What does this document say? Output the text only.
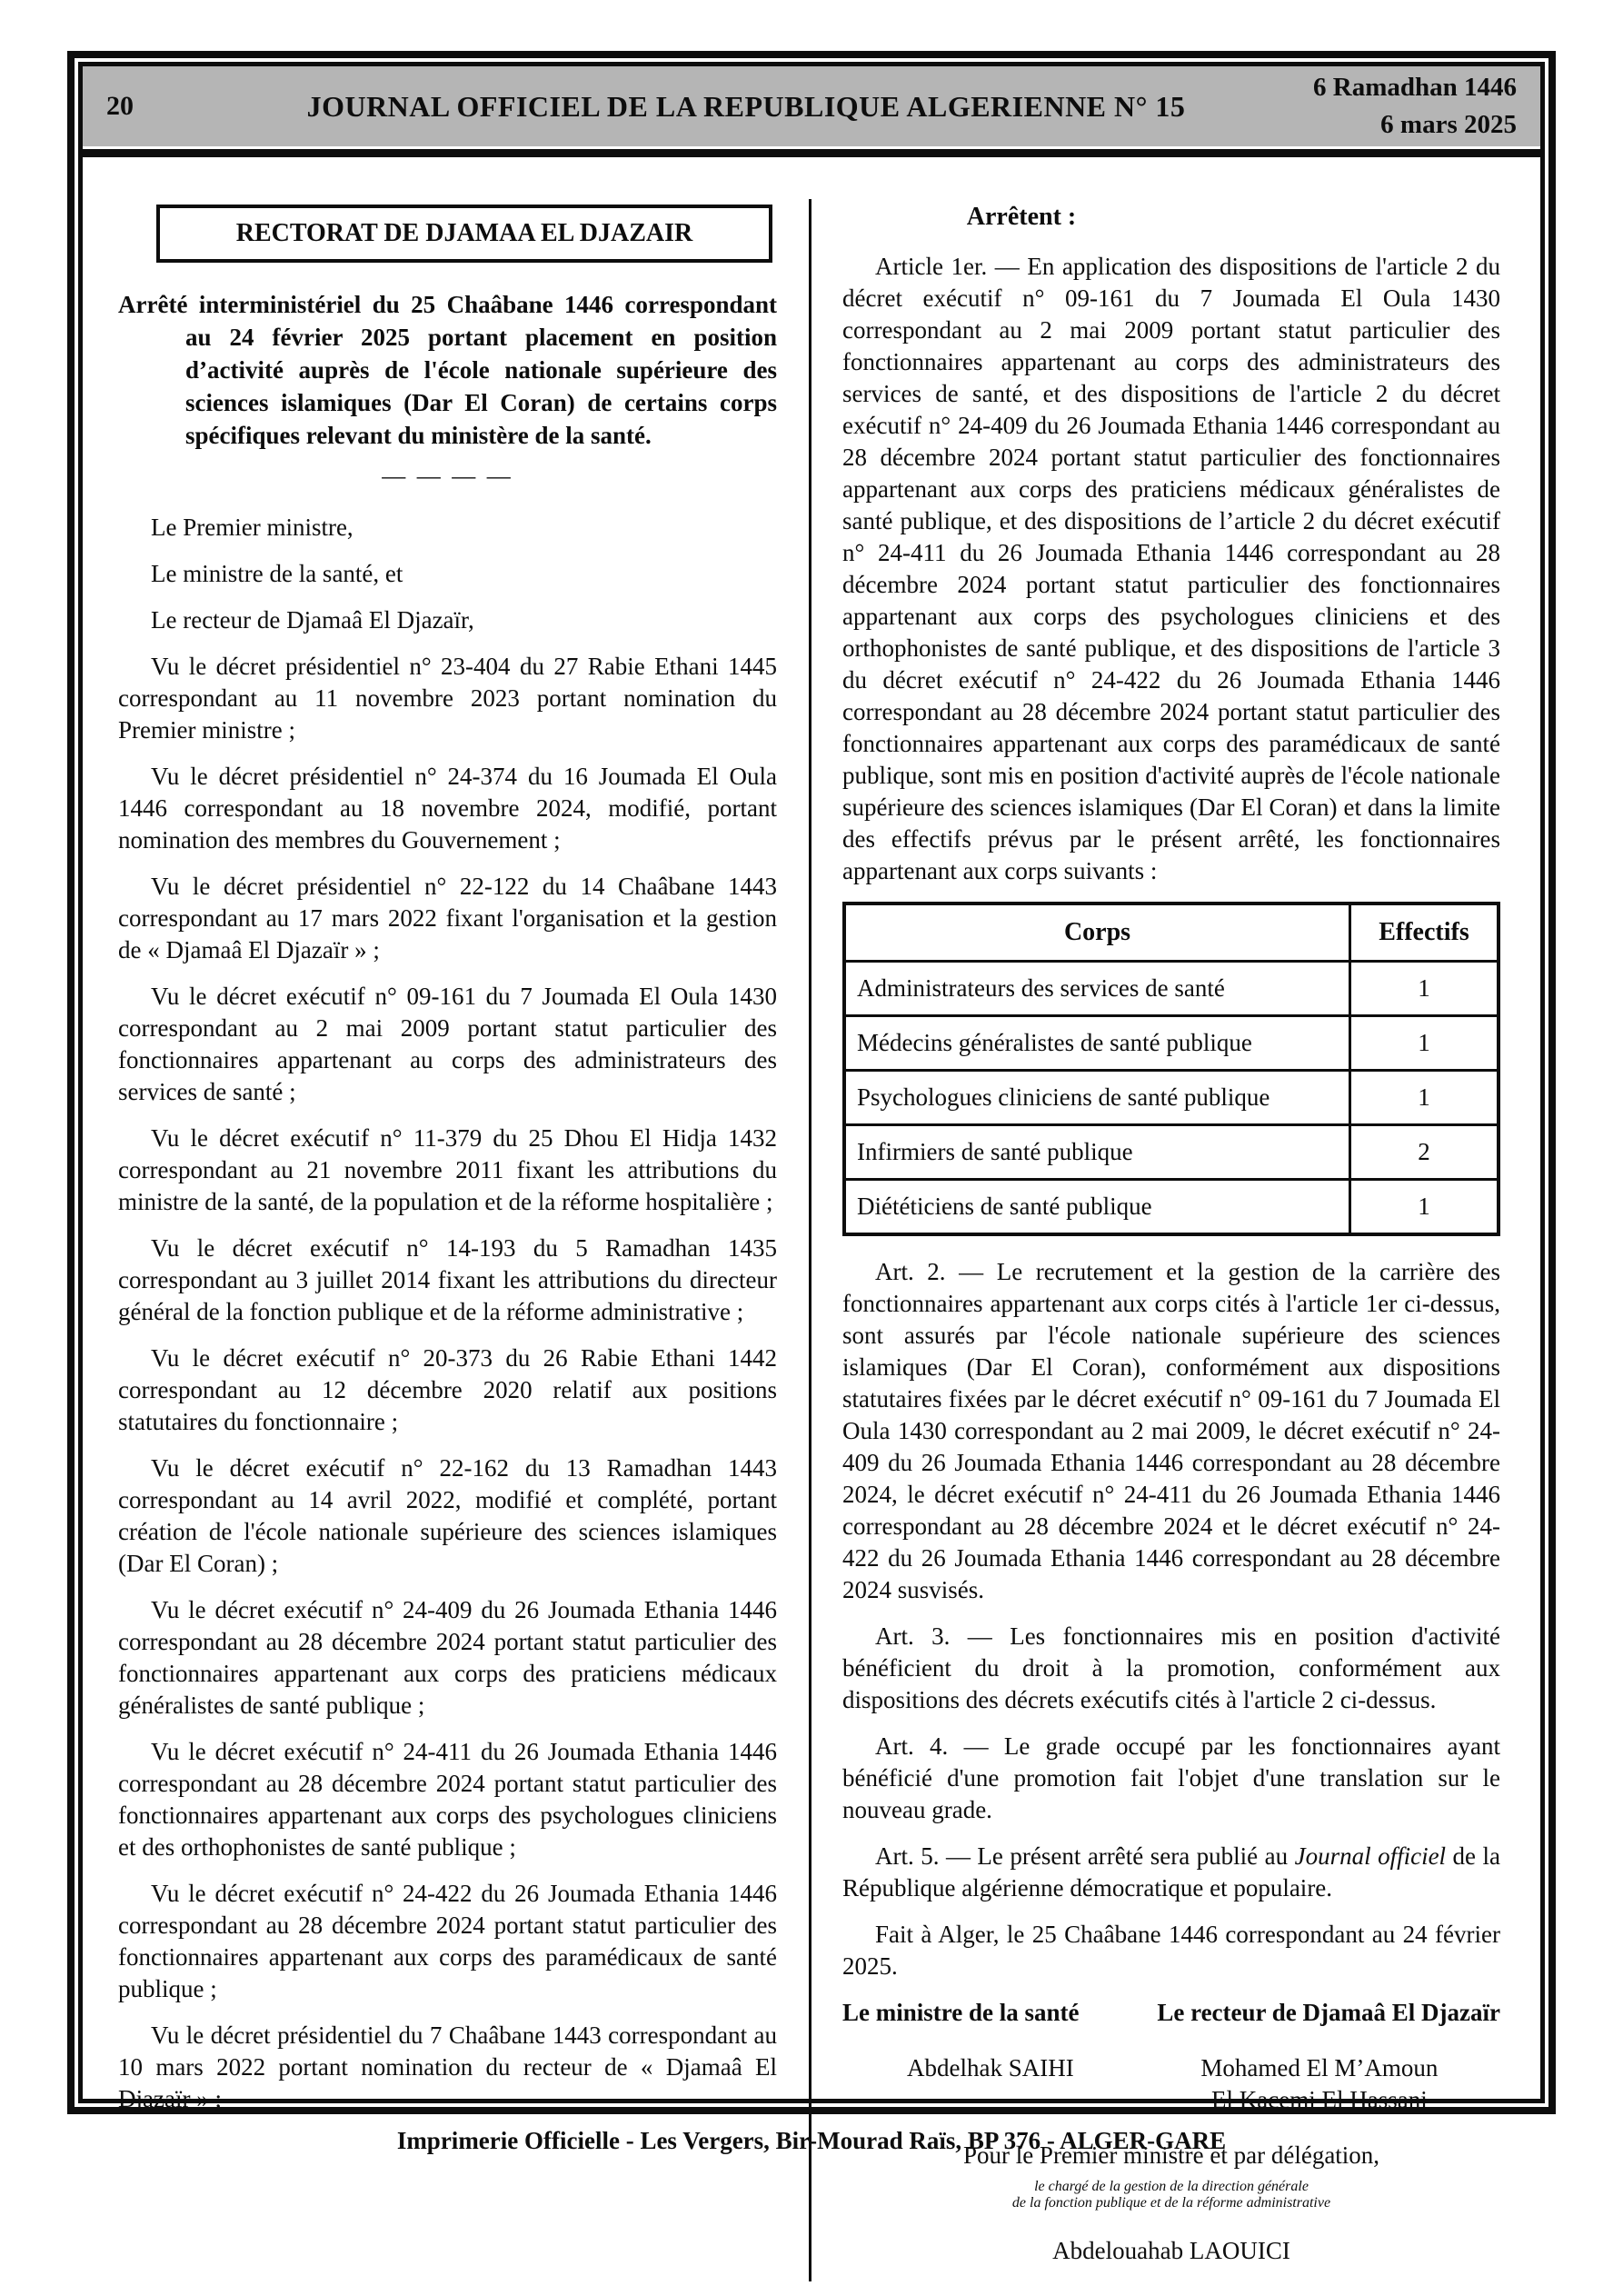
20	JOURNAL OFFICIEL DE LA REPUBLIQUE ALGERIENNE N° 15
6 Ramadhan 1446
6 mars 2025
RECTORAT DE DJAMAA EL DJAZAIR

Arrêté interministériel du 25 Chaâbane 1446 correspondant au 24 février 2025 portant placement en position d’activité auprès de l'école nationale supérieure des sciences islamiques (Dar El Coran) de certains corps spécifiques relevant du ministère de la santé.

— — — —

Le Premier ministre,

Le ministre de la santé, et

Le recteur de Djamaâ El Djazaïr,

Vu le décret présidentiel n° 23-404 du 27 Rabie Ethani 1445 correspondant au 11 novembre 2023 portant nomination du Premier ministre ;

Vu le décret présidentiel n° 24-374 du 16 Joumada El Oula 1446 correspondant au 18 novembre 2024, modifié, portant nomination des membres du Gouvernement ;

Vu le décret présidentiel n° 22-122 du 14 Chaâbane 1443 correspondant au 17 mars 2022 fixant l'organisation et la gestion de « Djamaâ El Djazaïr » ;

Vu le décret exécutif n° 09-161 du 7 Joumada El Oula 1430 correspondant au 2 mai 2009 portant statut particulier des fonctionnaires appartenant au corps des administrateurs des services de santé ;

Vu le décret exécutif n° 11-379 du 25 Dhou El Hidja 1432 correspondant au 21 novembre 2011 fixant les attributions du ministre de la santé, de la population et de la réforme hospitalière ;

Vu le décret exécutif n° 14-193 du 5 Ramadhan 1435 correspondant au 3 juillet 2014 fixant les attributions du directeur général de la fonction publique et de la réforme administrative ;

Vu le décret exécutif n° 20-373 du 26 Rabie Ethani 1442 correspondant au 12 décembre 2020 relatif aux positions statutaires du fonctionnaire ;

Vu le décret exécutif n° 22-162 du 13 Ramadhan 1443 correspondant au 14 avril 2022, modifié et complété, portant création de l'école nationale supérieure des sciences islamiques (Dar El Coran) ;

Vu le décret exécutif n° 24-409 du 26 Joumada Ethania 1446 correspondant au 28 décembre 2024 portant statut particulier des fonctionnaires appartenant aux corps des praticiens médicaux généralistes de santé publique ;

Vu le décret exécutif n° 24-411 du 26 Joumada Ethania 1446 correspondant au 28 décembre 2024 portant statut particulier des fonctionnaires appartenant aux corps des psychologues cliniciens et des orthophonistes de santé publique ;

Vu le décret exécutif n° 24-422 du 26 Joumada Ethania 1446 correspondant au 28 décembre 2024 portant statut particulier des fonctionnaires appartenant aux corps des paramédicaux de santé publique ;

Vu le décret présidentiel du 7 Chaâbane 1443 correspondant au 10 mars 2022 portant nomination du recteur de « Djamaâ El Djazaïr » ;

Arrêtent :

Article 1er. — En application des dispositions de l'article 2 du décret exécutif n° 09-161 du 7 Joumada El Oula 1430 correspondant au 2 mai 2009 portant statut particulier des fonctionnaires appartenant au corps des administrateurs des services de santé, et des dispositions de l'article 2 du décret exécutif n° 24-409 du 26 Joumada Ethania 1446 correspondant au 28 décembre 2024 portant statut particulier des fonctionnaires appartenant aux corps des praticiens médicaux généralistes de santé publique, et des dispositions de l’article 2 du décret exécutif n° 24-411 du 26 Joumada Ethania 1446 correspondant au 28 décembre 2024 portant statut particulier des fonctionnaires appartenant aux corps des psychologues cliniciens et des orthophonistes de santé publique, et des dispositions de l'article 3 du décret exécutif n° 24-422 du 26 Joumada Ethania 1446 correspondant au 28 décembre 2024 portant statut particulier des fonctionnaires appartenant aux corps des paramédicaux de santé publique, sont mis en position d'activité auprès de l'école nationale supérieure des sciences islamiques (Dar El Coran) et dans la limite des effectifs prévus par le présent arrêté, les fonctionnaires appartenant aux corps suivants :

Corps	Effectifs
Administrateurs des services de santé	1
Médecins généralistes de santé publique	1
Psychologues cliniciens de santé publique	1
Infirmiers de santé publique	2
Diététiciens de santé publique	1

Art. 2. — Le recrutement et la gestion de la carrière des fonctionnaires appartenant aux corps cités à l'article 1er ci-dessus, sont assurés par l'école nationale supérieure des sciences islamiques (Dar El Coran), conformément aux dispositions statutaires fixées par le décret exécutif n° 09-161 du 7 Joumada El Oula 1430 correspondant au 2 mai 2009, le décret exécutif n° 24-409 du 26 Joumada Ethania 1446 correspondant au 28 décembre 2024, le décret exécutif n° 24-411 du 26 Joumada Ethania 1446 correspondant au 28 décembre 2024 et le décret exécutif n° 24-422 du 26 Joumada Ethania 1446 correspondant au 28 décembre 2024 susvisés.

Art. 3. — Les fonctionnaires mis en position d'activité bénéficient du droit à la promotion, conformément aux dispositions des décrets exécutifs cités à l'article 2 ci-dessus.

Art. 4. — Le grade occupé par les fonctionnaires ayant bénéficié d'une promotion fait l'objet d'une translation sur le nouveau grade.

Art. 5. — Le présent arrêté sera publié au Journal officiel de la République algérienne démocratique et populaire.

Fait à Alger, le 25 Chaâbane 1446 correspondant au 24 février 2025.

Le ministre de la santé	Le recteur de Djamaâ El Djazaïr
Abdelhak SAIHI	Mohamed El M’Amoun
El Kacemi El Hassani

Pour le Premier ministre et par délégation,

le chargé de la gestion de la direction générale
de la fonction publique et de la réforme administrative

Abdelouahab LAOUICI

Imprimerie Officielle - Les Vergers, Bir-Mourad Raïs, BP 376 - ALGER-GARE
